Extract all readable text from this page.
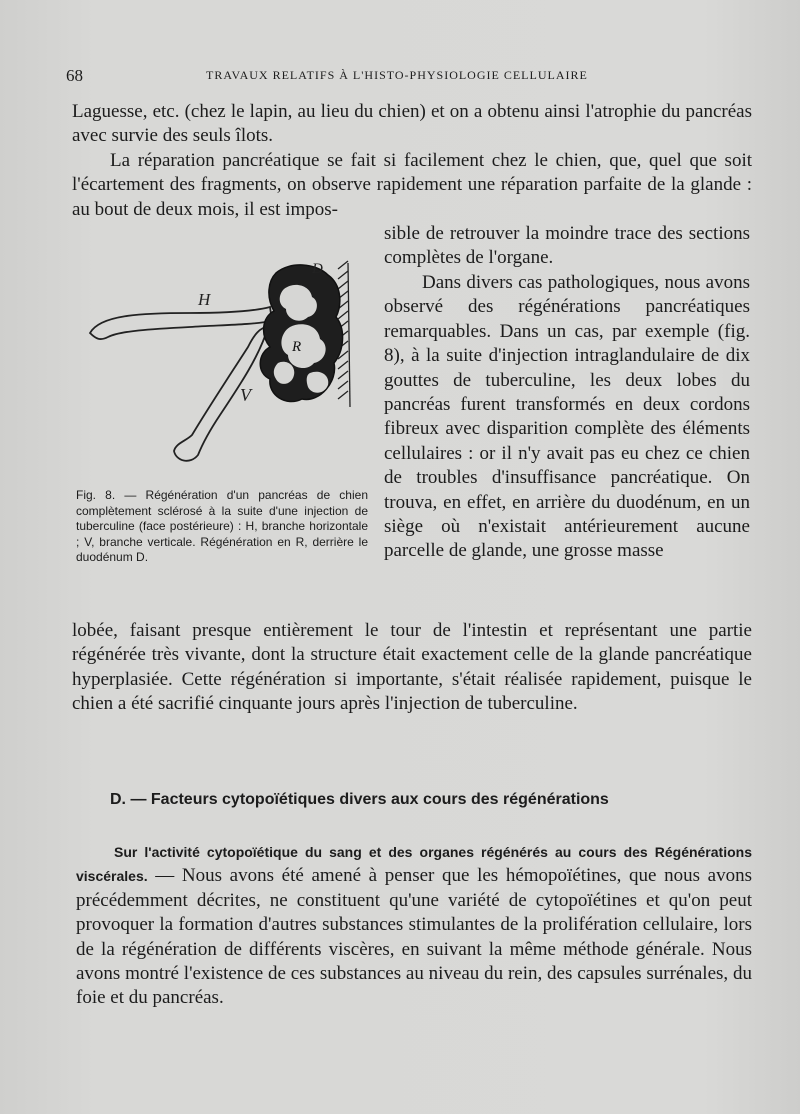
68	TRAVAUX RELATIFS À L'HISTO-PHYSIOLOGIE CELLULAIRE

Laguesse, etc. (chez le lapin, au lieu du chien) et on a obtenu ainsi l'atrophie du pancréas avec survie des seuls îlots.

La réparation pancréatique se fait si facilement chez le chien, que, quel que soit l'écartement des fragments, on observe rapidement une réparation parfaite de la glande : au bout de deux mois, il est impos-

sible de retrouver la moindre trace des sections complètes de l'organe.

Dans divers cas pathologiques, nous avons observé des régénérations pancréatiques remarquables. Dans un cas, par exemple (fig. 8), à la suite d'injection intraglandulaire de dix gouttes de tuberculine, les deux lobes du pancréas furent transformés en deux cordons fibreux avec disparition complète des éléments cellulaires : or il n'y avait pas eu chez ce chien de troubles d'insuffisance pancréatique. On trouva, en effet, en arrière du duodénum, en un siège où n'existait antérieurement aucune parcelle de glande, une grosse masse

lobée, faisant presque entièrement le tour de l'intestin et représentant une partie régénérée très vivante, dont la structure était exactement celle de la glande pancréatique hyperplasiée. Cette régénération si importante, s'était réalisée rapidement, puisque le chien a été sacrifié cinquante jours après l'injection de tuberculine.

H
V
R
D

Fig. 8. — Régénération d'un pancréas de chien complètement sclérosé à la suite d'une injection de tuberculine (face postérieure) : H, branche horizontale ; V, branche verticale. Régénération en R, derrière le duodénum D.

D. — Facteurs cytopoïétiques divers aux cours des régénérations

Sur l'activité cytopoïétique du sang et des organes régénérés au cours des Régénérations viscérales. — Nous avons été amené à penser que les hémopoïétines, que nous avons précédemment décrites, ne constituent qu'une variété de cytopoïétines et qu'on peut provoquer la formation d'autres substances stimulantes de la prolifération cellulaire, lors de la régénération de différents viscères, en suivant la même méthode générale. Nous avons montré l'existence de ces substances au niveau du rein, des capsules surrénales, du foie et du pancréas.
